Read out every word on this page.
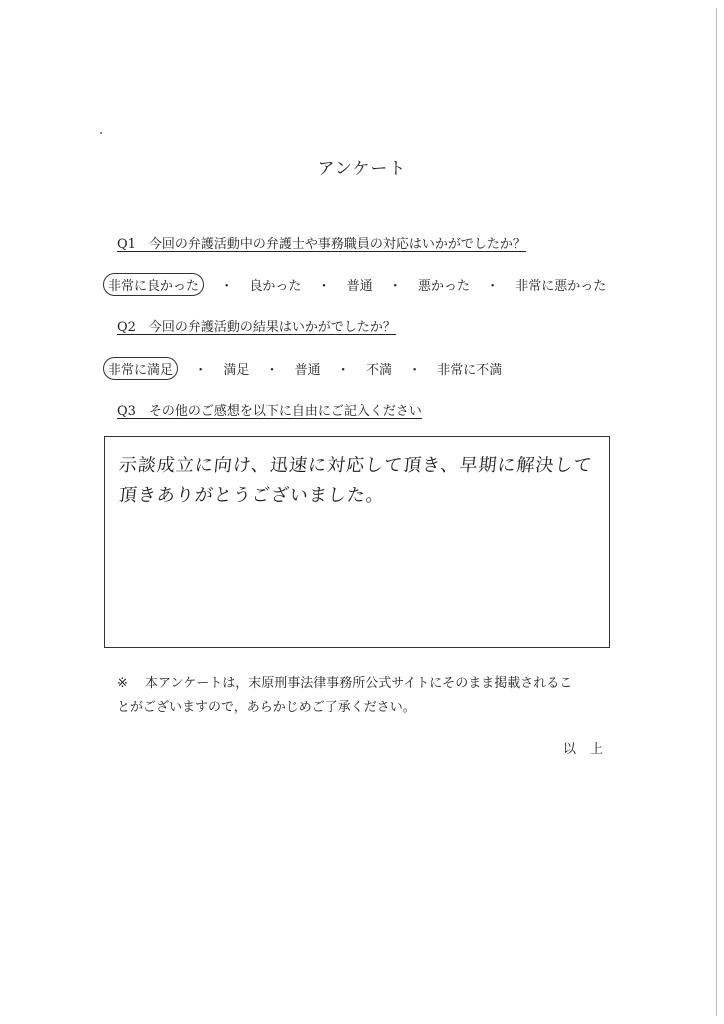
アンケート
Q1　今回の弁護活動中の弁護士や事務職員の対応はいかがでしたか？
非常に良かった ・ 良かった ・ 普通 ・ 悪かった ・ 非常に悪かった
Q2　今回の弁護活動の結果はいかがでしたか？
非常に満足 ・ 満足 ・ 普通 ・ 不満 ・ 非常に不満
Q3　その他のご感想を以下に自由にご記入ください
示談成立に向け、迅速に対応して頂き、早期に解決して
頂きありがとうございました。
※ 本アンケートは，末原刑事法律事務所公式サイトにそのまま掲載されるこ
とがございますので，あらかじめご了承ください。
以上
